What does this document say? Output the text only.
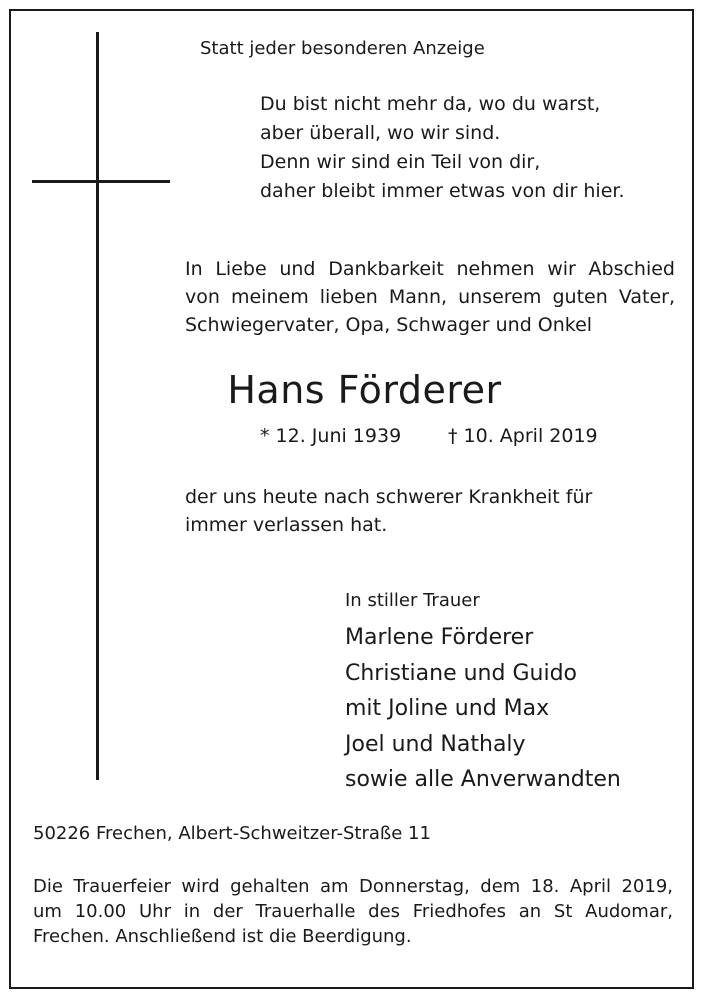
Statt jeder besonderen Anzeige
Du bist nicht mehr da, wo du warst,
aber überall, wo wir sind.
Denn wir sind ein Teil von dir,
daher bleibt immer etwas von dir hier.
In Liebe und Dankbarkeit nehmen wir Abschied
von meinem lieben Mann, unserem guten Vater,
Schwiegervater, Opa, Schwager und Onkel
Hans Förderer
* 12. Juni 1939 † 10. April 2019
der uns heute nach schwerer Krankheit für
immer verlassen hat.
In stiller Trauer
Marlene Förderer
Christiane und Guido
mit Joline und Max
Joel und Nathaly
sowie alle Anverwandten
50226 Frechen, Albert-Schweitzer-Straße 11
Die Trauerfeier wird gehalten am Donnerstag, dem 18. April 2019,
um 10.00 Uhr in der Trauerhalle des Friedhofes an St Audomar,
Frechen. Anschließend ist die Beerdigung.
